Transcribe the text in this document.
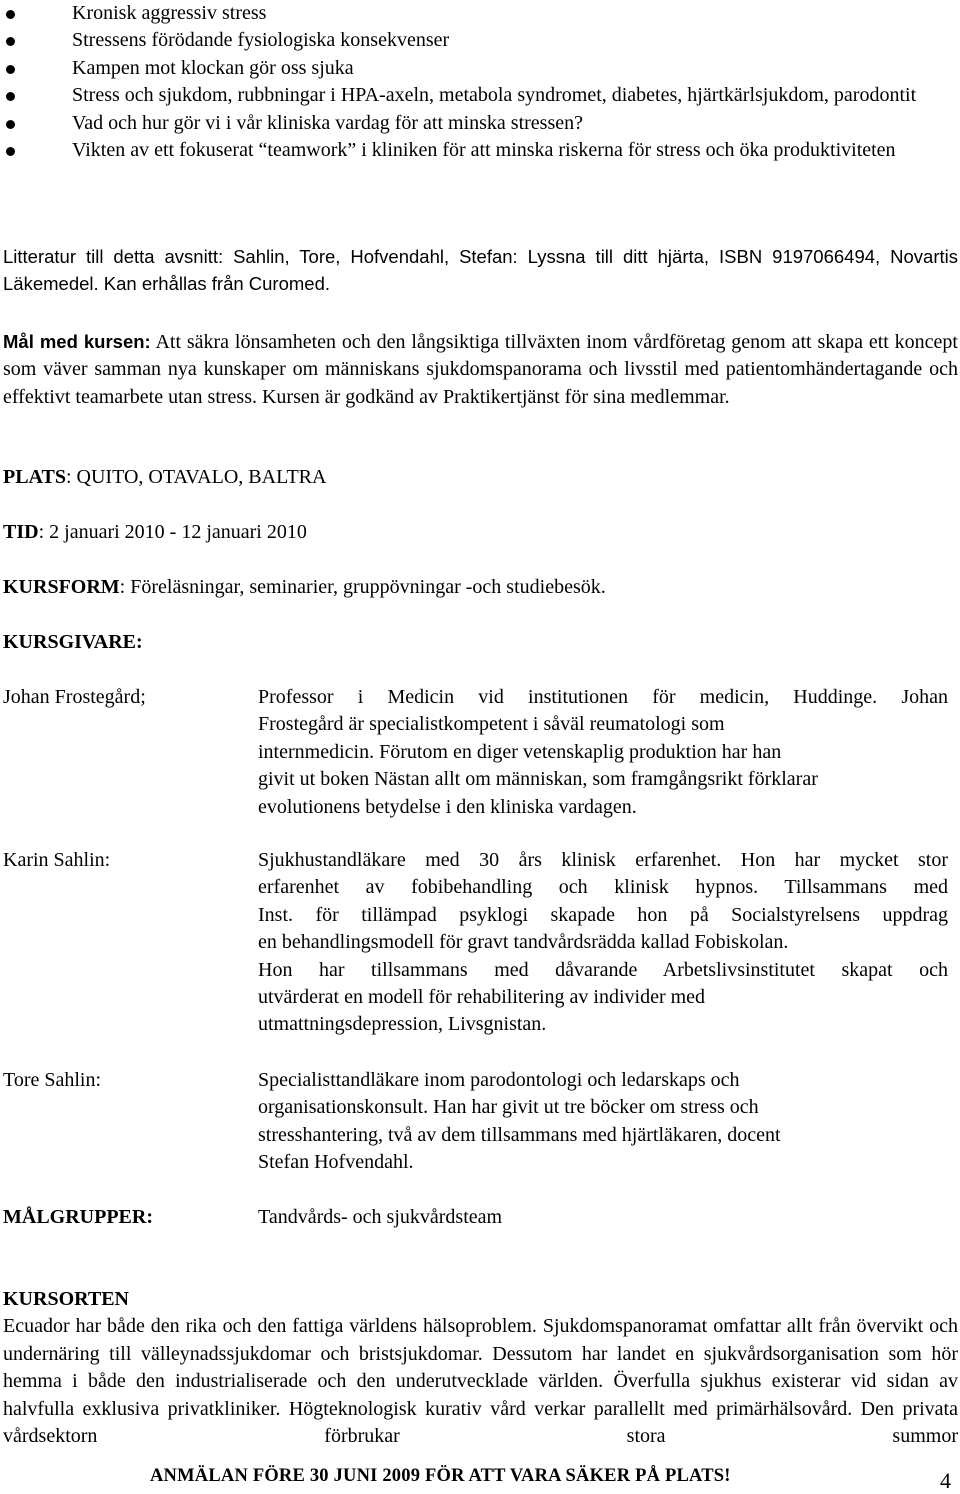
Kronisk aggressiv stress
Stressens förödande fysiologiska konsekvenser
Kampen mot klockan gör oss sjuka
Stress och sjukdom, rubbningar i HPA-axeln, metabola syndromet, diabetes, hjärtkärlsjukdom, parodontit
Vad och hur gör vi i vår kliniska vardag för att minska stressen?
Vikten av ett fokuserat “teamwork” i kliniken för att minska riskerna för stress och öka produktiviteten
Litteratur till detta avsnitt: Sahlin, Tore, Hofvendahl, Stefan: Lyssna till ditt hjärta, ISBN 9197066494, Novartis Läkemedel. Kan erhållas från Curomed.
Mål med kursen: Att säkra lönsamheten och den långsiktiga tillväxten inom vårdföretag genom att skapa ett koncept som väver samman nya kunskaper om människans sjukdomspanorama och livsstil med patientomhändertagande och effektivt teamarbete utan stress. Kursen är godkänd av Praktikertjänst för sina medlemmar.
PLATS: QUITO, OTAVALO, BALTRA
TID: 2 januari 2010 - 12 januari 2010
KURSFORM: Föreläsningar, seminarier, gruppövningar -och studiebesök.
KURSGIVARE:
Johan Frostegård;	Professor i Medicin vid institutionen för medicin, Huddinge. Johan
Frostegård är specialistkompetent i såväl reumatologi som
internmedicin. Förutom en diger vetenskaplig produktion har han
givit ut boken Nästan allt om människan, som framgångsrikt förklarar
evolutionens betydelse i den kliniska vardagen.
Karin Sahlin:	Sjukhustandläkare med 30 års klinisk erfarenhet. Hon har mycket stor
erfarenhet av fobibehandling och klinisk hypnos. Tillsammans med
Inst. för tillämpad psyklogi skapade hon på Socialstyrelsens uppdrag
en behandlingsmodell för gravt tandvårdsrädda kallad Fobiskolan.
Hon har tillsammans med dåvarande Arbetslivsinstitutet skapat och
utvärderat en modell för rehabilitering av individer med
utmattningsdepression, Livsgnistan.
Tore Sahlin:	Specialisttandläkare inom parodontologi och ledarskaps och
organisationskonsult. Han har givit ut tre böcker om stress och
stresshantering, två av dem tillsammans med hjärtläkaren, docent
Stefan Hofvendahl.
MÅLGRUPPER:	Tandvårds- och sjukvårdsteam
KURSORTEN
Ecuador har både den rika och den fattiga världens hälsoproblem. Sjukdomspanoramat omfattar allt från övervikt och undernäring till välleynadssjukdomar och bristsjukdomar. Dessutom har landet en sjukvårdsorganisation som hör hemma i både den industrialiserade och den underutvecklade världen. Överfulla sjukhus existerar vid sidan av halvfulla exklusiva privatkliniker. Högteknologisk kurativ vård verkar parallellt med primärhälsovård. Den privata vårdsektorn förbrukar stora summor
ANMÄLAN FÖRE 30 JUNI 2009 FÖR ATT VARA SÄKER PÅ PLATS!	4
